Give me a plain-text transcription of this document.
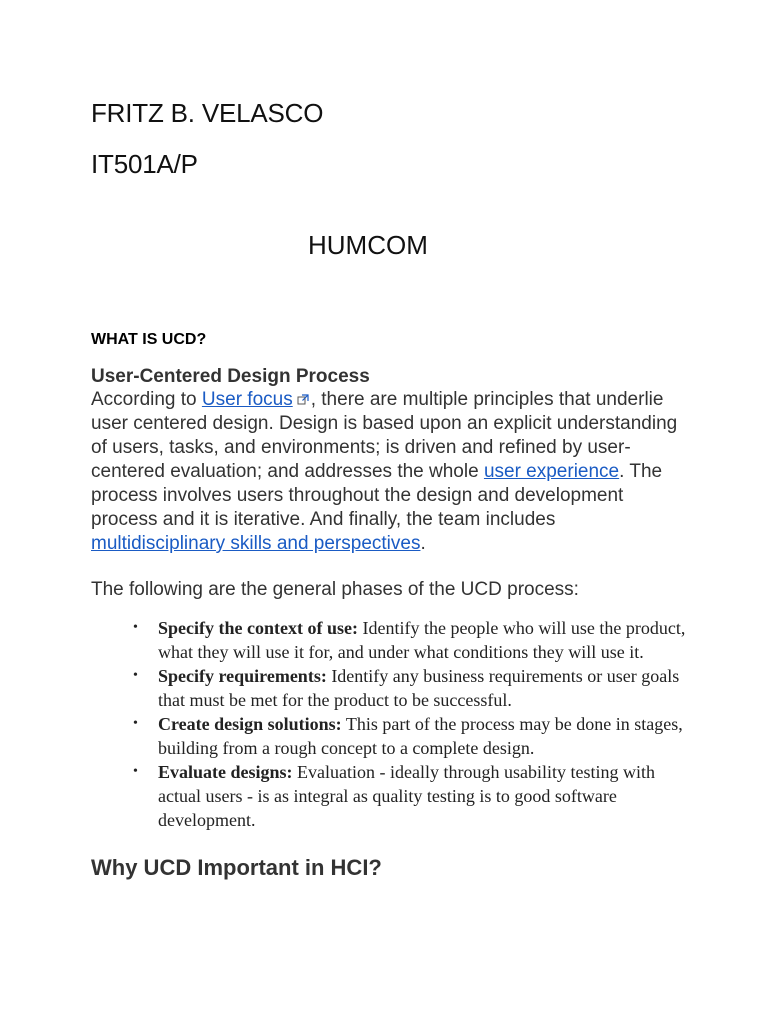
FRITZ B. VELASCO
IT501A/P
HUMCOM
WHAT IS UCD?
User-Centered Design Process

According to User focus , there are multiple principles that underlie user centered design. Design is based upon an explicit understanding of users, tasks, and environments; is driven and refined by user-centered evaluation; and addresses the whole user experience. The process involves users throughout the design and development process and it is iterative. And finally, the team includes multidisciplinary skills and perspectives.

The following are the general phases of the UCD process:

• Specify the context of use: Identify the people who will use the product, what they will use it for, and under what conditions they will use it.
• Specify requirements: Identify any business requirements or user goals that must be met for the product to be successful.
• Create design solutions: This part of the process may be done in stages, building from a rough concept to a complete design.
• Evaluate designs: Evaluation - ideally through usability testing with actual users - is as integral as quality testing is to good software development.
Why UCD Important in HCI?
